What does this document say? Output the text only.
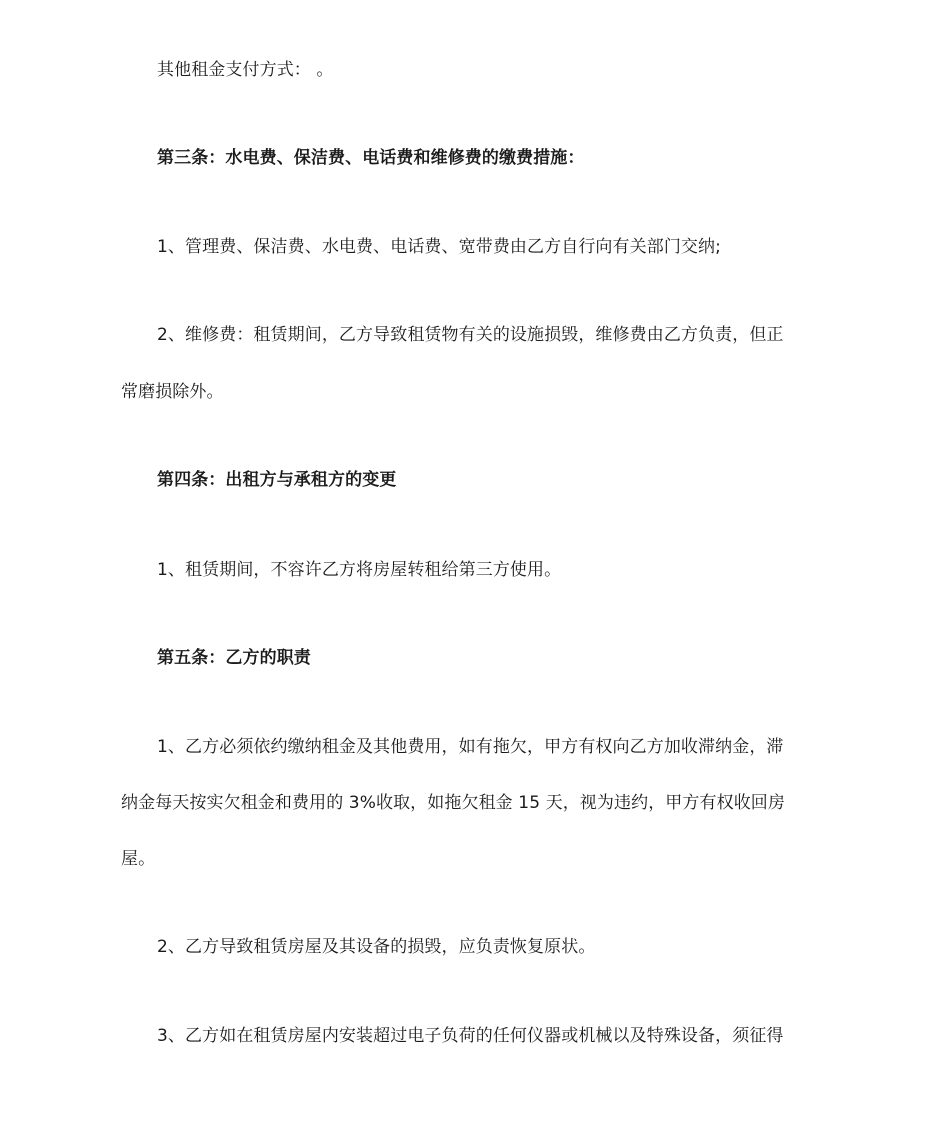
其他租金支付方式： 。

第三条：水电费、保洁费、电话费和维修费的缴费措施：

1、管理费、保洁费、水电费、电话费、宽带费由乙方自行向有关部门交纳;

2、维修费：租赁期间，乙方导致租赁物有关的设施损毁，维修费由乙方负责，但正

常磨损除外。

第四条：出租方与承租方的变更

1、租赁期间，不容许乙方将房屋转租给第三方使用。

第五条：乙方的职责

1、乙方必须依约缴纳租金及其他费用，如有拖欠，甲方有权向乙方加收滞纳金，滞

纳金每天按实欠租金和费用的 3%收取，如拖欠租金 15 天，视为违约，甲方有权收回房

屋。

2、乙方导致租赁房屋及其设备的损毁，应负责恢复原状。

3、乙方如在租赁房屋内安装超过电子负荷的任何仪器或机械以及特殊设备，须征得
